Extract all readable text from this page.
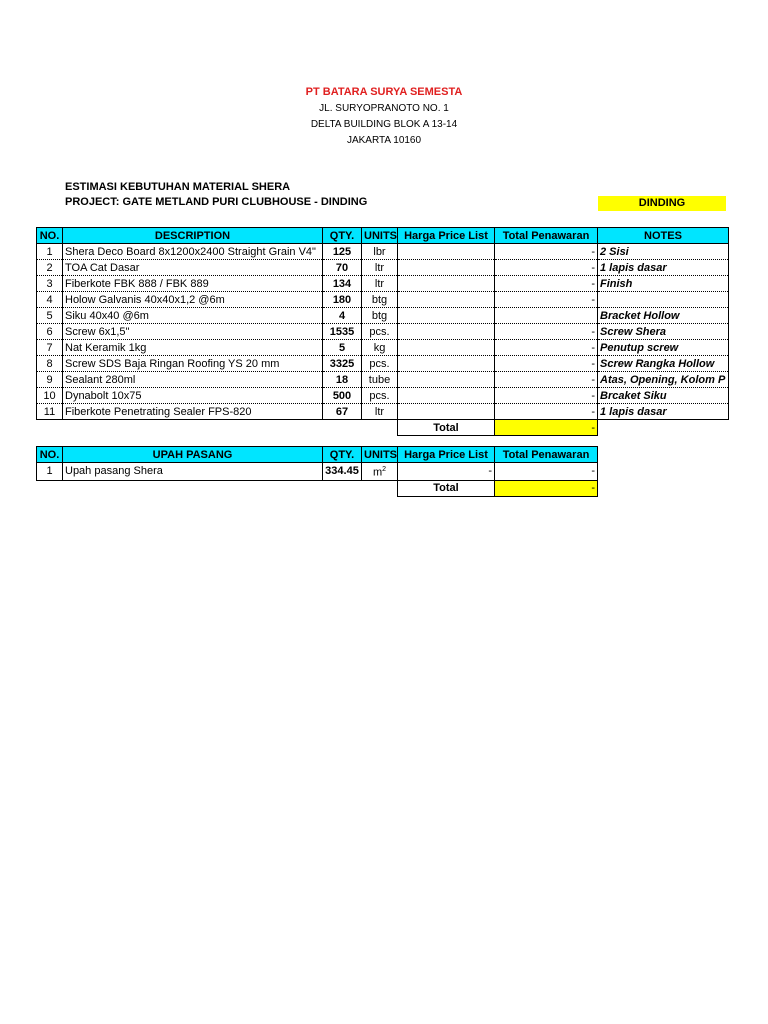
PT BATARA SURYA SEMESTA
JL. SURYOPRANOTO NO. 1
DELTA BUILDING BLOK A 13-14
JAKARTA 10160
ESTIMASI KEBUTUHAN MATERIAL SHERA
PROJECT: GATE METLAND PURI CLUBHOUSE - DINDING	DINDING
NO.	DESCRIPTION	QTY.	UNITS	Harga Price List	Total Penawaran	NOTES
1	Shera Deco Board 8x1200x2400 Straight Grain V4"	125	lbr		-	2 Sisi
2	TOA Cat Dasar	70	ltr		-	1 lapis dasar
3	Fiberkote FBK 888 / FBK 889	134	ltr		-	Finish
4	Holow Galvanis 40x40x1,2 @6m	180	btg		-	
5	Siku 40x40 @6m	4	btg			Bracket Hollow
6	Screw 6x1,5"	1535	pcs.		-	Screw Shera
7	Nat Keramik 1kg	5	kg		-	Penutup screw
8	Screw SDS Baja Ringan Roofing YS 20 mm	3325	pcs.		-	Screw Rangka Hollow
9	Sealant 280ml	18	tube		-	Atas, Opening, Kolom P
10	Dynabolt 10x75	500	pcs.		-	Brcaket Siku
11	Fiberkote Penetrating Sealer FPS-820	67	ltr		-	1 lapis dasar
				Total	-	
NO.	UPAH PASANG	QTY.	UNITS	Harga Price List	Total Penawaran
1	Upah pasang Shera	334.45	$m^2$	-	-
				Total	-
